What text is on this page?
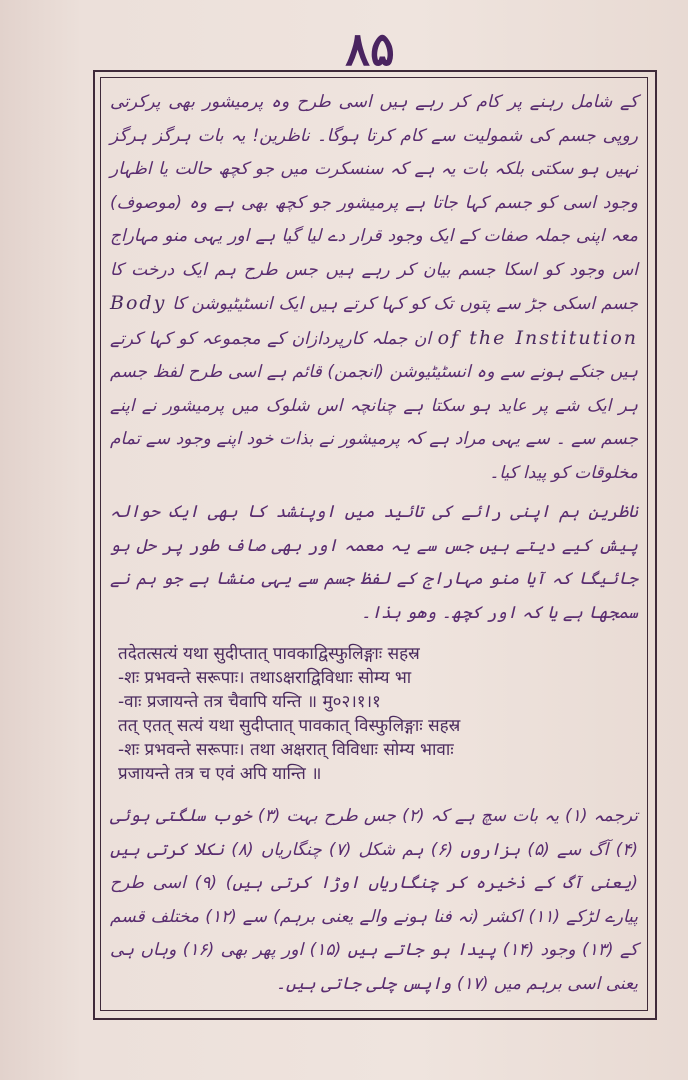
۸۵

کے شامل رہنے پر کام کر رہے ہیں اسی طرح وہ پرمیشور بھی پرکرتی روپی جسم کی شمولیت سے کام کرتا ہوگا۔ ناظرین! یہ بات ہرگز ہرگز نہیں ہو سکتی بلکہ بات یہ ہے کہ سنسکرت میں جو کچھ حالت یا اظہار وجود اسی کو جسم کہا جاتا ہے پرمیشور جو کچھ بھی ہے وہ (موصوف) معہ اپنی جملہ صفات کے ایک وجود قرار دے لیا گیا ہے اور یہی منو مہاراج اس وجود کو اسکا جسم بیان کر رہے ہیں جس طرح ہم ایک درخت کا جسم اسکی جڑ سے پتوں تک کو کہا کرتے ہیں ایک انسٹیٹیوشن کا Body of the Institution ان جملہ کارپردازان کے مجموعہ کو کہا کرتے ہیں جنکے ہونے سے وہ انسٹیٹیوشن (انجمن) قائم ہے اسی طرح لفظ جسم ہر ایک شے پر عاید ہو سکتا ہے چنانچہ اس شلوک میں پرمیشور نے اپنے جسم سے ۔ سے یہی مراد ہے کہ پرمیشور نے بذات خود اپنے وجود سے تمام مخلوقات کو پیدا کیا۔

ناظرین ہم اپنی رائے کی تائید میں اوپنشد کا بھی ایک حوالہ پیش کیے دیتے ہیں جس سے یہ معمہ اور بھی صاف طور پر حل ہو جائیگا کہ آیا منو مہاراج کے لفظ جسم سے یہی منشا ہے جو ہم نے سمجھا ہے یا کہ اور کچھ۔ وھو ہذا۔

तदेतत्सत्यं यथा सुदीप्तात् पावकाद्विस्फुलिङ्गाः सहस्र
-शः प्रभवन्ते सरूपाः। तथाऽक्षराद्विविधाः सोम्य भा
-वाः प्रजायन्ते तत्र चैवापि यन्ति ॥ मु०२।१।१
तत् एतत् सत्यं यथा सुदीप्तात् पावकात् विस्फुलिङ्गाः सहस्र
-शः प्रभवन्ते सरूपाः। तथा अक्षरात् विविधाः सोम्य भावाः
प्रजायन्ते तत्र च एवं अपि यान्ति ॥

ترجمہ (۱) یہ بات سچ ہے کہ (۲) جس طرح بہت (۳) خوب سلگتی ہوئی (۴) آگ سے (۵) ہزاروں (۶) ہم شکل (۷) چنگاریاں (۸) نکلا کرتی ہیں (یعنی آگ کے ذخیرہ کر چنگاریاں اوڑا کرتی ہیں) (۹) اسی طرح پیارے لڑکے (۱۱) اکشر (نہ فنا ہونے والے یعنی برہم) سے (۱۲) مختلف قسم کے (۱۳) وجود (۱۴) پیدا ہو جاتے ہیں (۱۵) اور پھر بھی (۱۶) وہاں ہی یعنی اسی برہم میں (۱۷) واپس چلی جاتی ہیں۔
